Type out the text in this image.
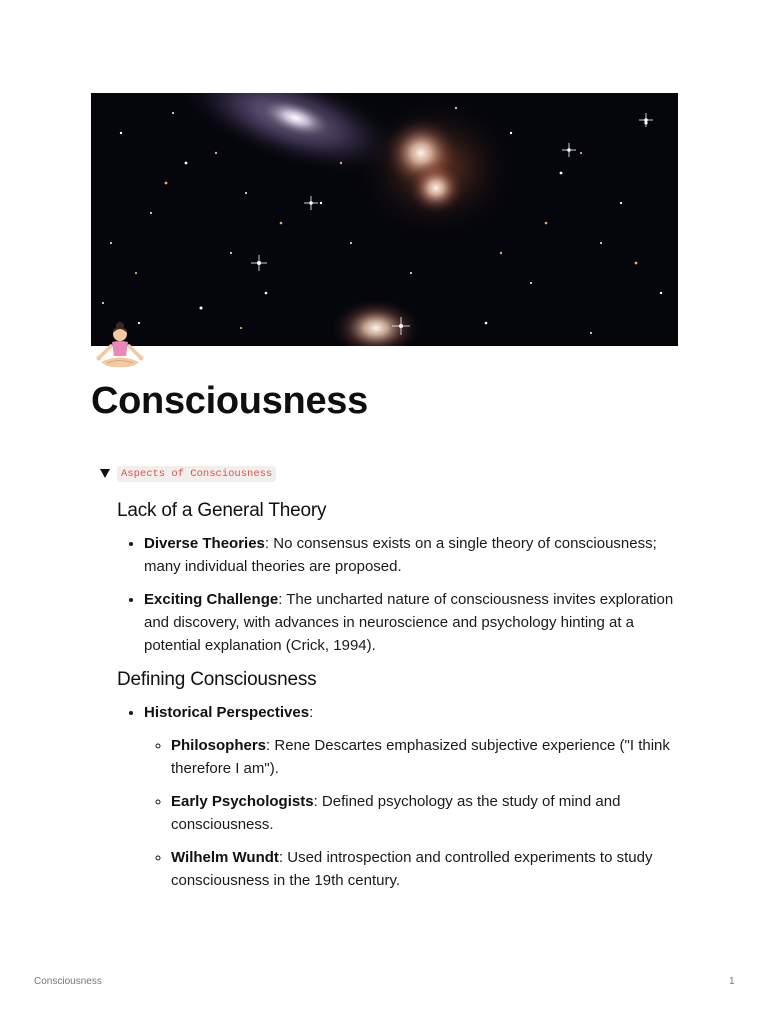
Consciousness
Aspects of Consciousness
Lack of a General Theory
• Diverse Theories: No consensus exists on a single theory of consciousness; many individual theories are proposed.
• Exciting Challenge: The uncharted nature of consciousness invites exploration and discovery, with advances in neuroscience and psychology hinting at a potential explanation (Crick, 1994).
Defining Consciousness
• Historical Perspectives:
◦ Philosophers: Rene Descartes emphasized subjective experience ("I think therefore I am").
◦ Early Psychologists: Defined psychology as the study of mind and consciousness.
◦ Wilhelm Wundt: Used introspection and controlled experiments to study consciousness in the 19th century.
Consciousness	1
